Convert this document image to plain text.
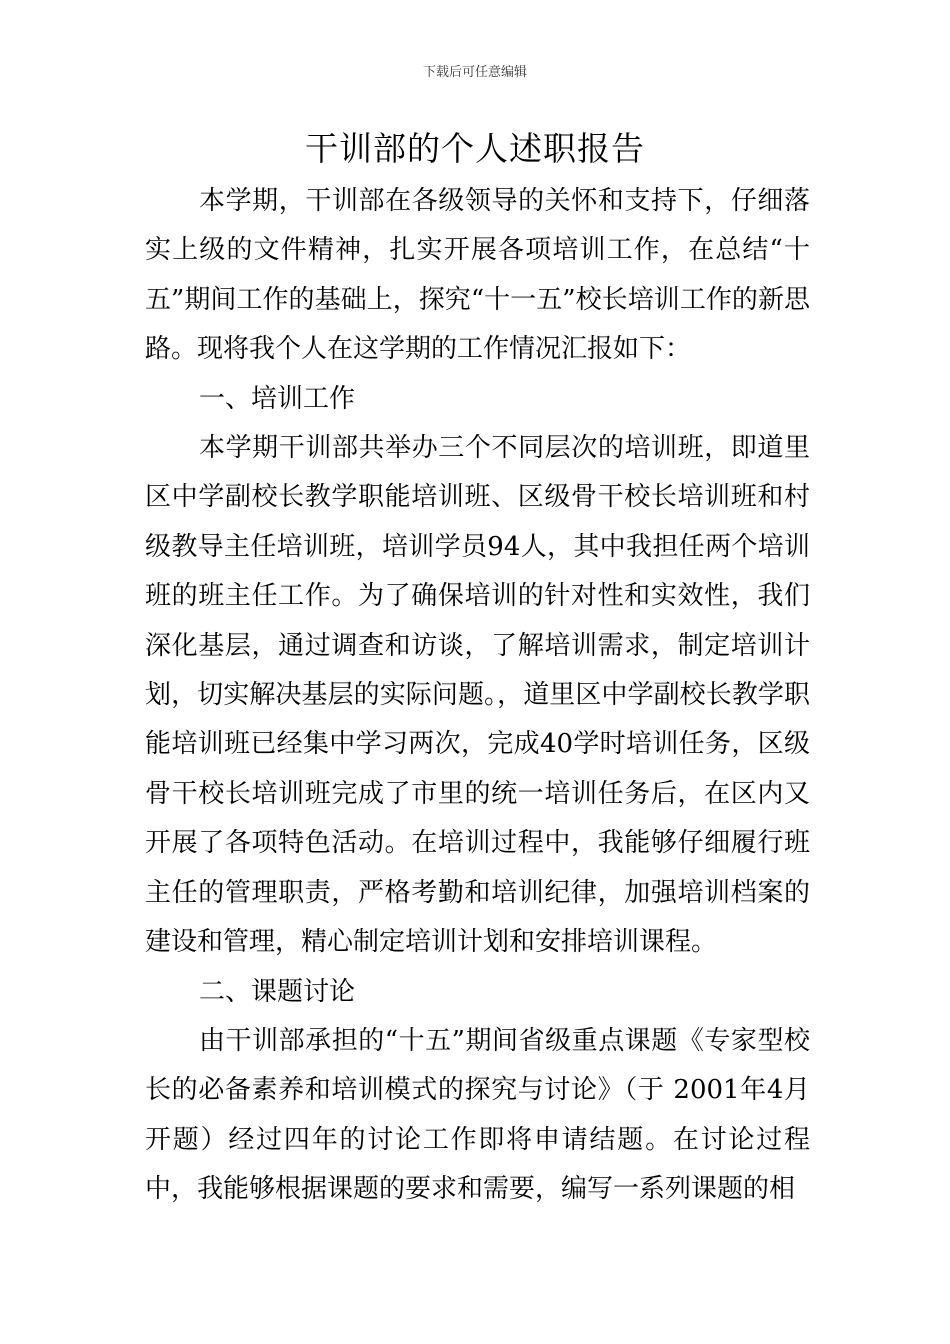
下载后可任意编辑
干训部的个人述职报告

本学期，干训部在各级领导的关怀和支持下，仔细落实上级的文件精神，扎实开展各项培训工作，在总结“十五”期间工作的基础上，探究“十一五”校长培训工作的新思路。现将我个人在这学期的工作情况汇报如下：

一、培训工作

本学期干训部共举办三个不同层次的培训班，即道里区中学副校长教学职能培训班、区级骨干校长培训班和村级教导主任培训班，培训学员94人，其中我担任两个培训班的班主任工作。为了确保培训的针对性和实效性，我们深化基层，通过调查和访谈，了解培训需求，制定培训计划，切实解决基层的实际问题。，道里区中学副校长教学职能培训班已经集中学习两次，完成40学时培训任务，区级骨干校长培训班完成了市里的统一培训任务后，在区内又开展了各项特色活动。在培训过程中，我能够仔细履行班主任的管理职责，严格考勤和培训纪律，加强培训档案的建设和管理，精心制定培训计划和安排培训课程。

二、课题讨论

由干训部承担的“十五”期间省级重点课题《专家型校长的必备素养和培训模式的探究与讨论》（于 2001年4月开题）经过四年的讨论工作即将申请结题。在讨论过程中，我能够根据课题的要求和需要，编写一系列课题的相
